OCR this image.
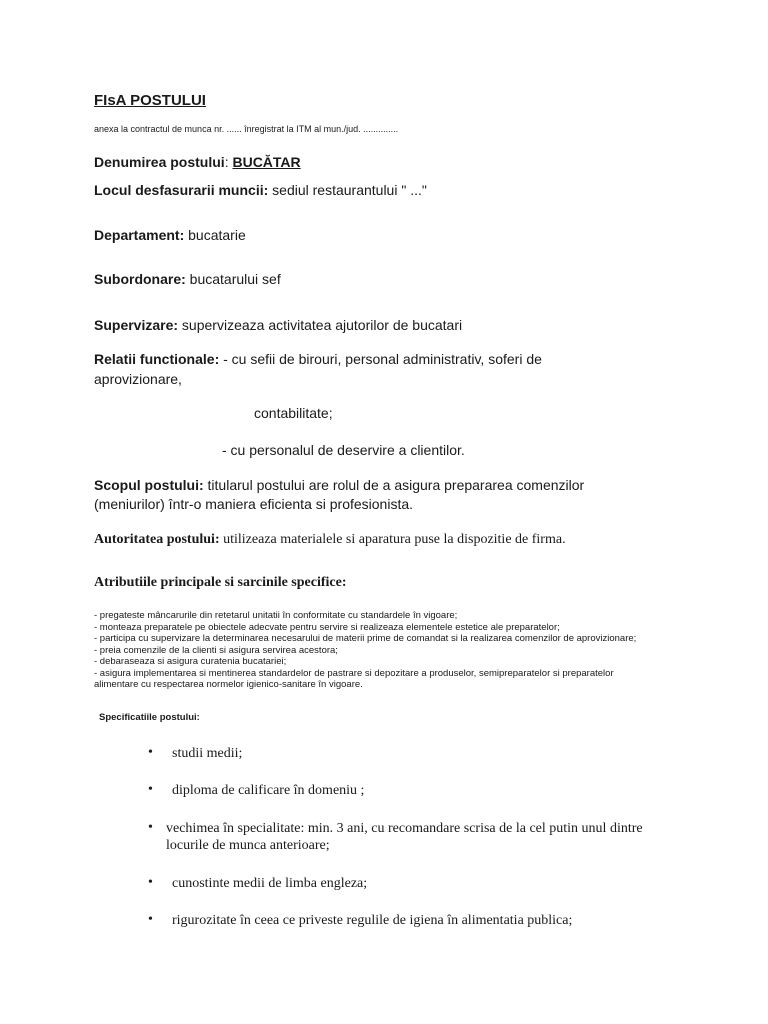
FIsA POSTULUI
anexa la contractul de munca nr. ...... înregistrat la ITM al mun./jud. ..............
Denumirea postului: BUCĂTAR
Locul desfasurarii muncii: sediul restaurantului " ..."
Departament: bucatarie
Subordonare: bucatarului sef
Supervizare: supervizeaza activitatea ajutorilor de bucatari
Relatii functionale: - cu sefii de birouri, personal administrativ, soferi de
aprovizionare,
contabilitate;
- cu personalul de deservire a clientilor.
Scopul postului: titularul postului are rolul de a asigura prepararea comenzilor
(meniurilor) într-o maniera eficienta si profesionista.
Autoritatea postului: utilizeaza materialele si aparatura puse la dispozitie de firma.
Atributiile principale si sarcinile specifice:
- pregateste mâncarurile din retetarul unitatii în conformitate cu standardele în vigoare;
- monteaza preparatele pe obiectele adecvate pentru servire si realizeaza elementele estetice ale preparatelor;
- participa cu supervizare la determinarea necesarului de materii prime de comandat si la realizarea comenzilor de aprovizionare;
- preia comenzile de la clienti si asigura servirea acestora;
- debaraseaza si asigura curatenia bucatariei;
- asigura implementarea si mentinerea standardelor de pastrare si depozitare a produselor, semipreparatelor si preparatelor alimentare cu respectarea normelor igienico-sanitare în vigoare.
Specificatiile postului:
•	studii medii;
•	diploma de calificare în domeniu ;
• vechimea în specialitate: min. 3 ani, cu recomandare scrisa de la cel putin unul dintre locurile de munca anterioare;
•	cunostinte medii de limba engleza;
•	rigurozitate în ceea ce priveste regulile de igiena în alimentatia publica;
